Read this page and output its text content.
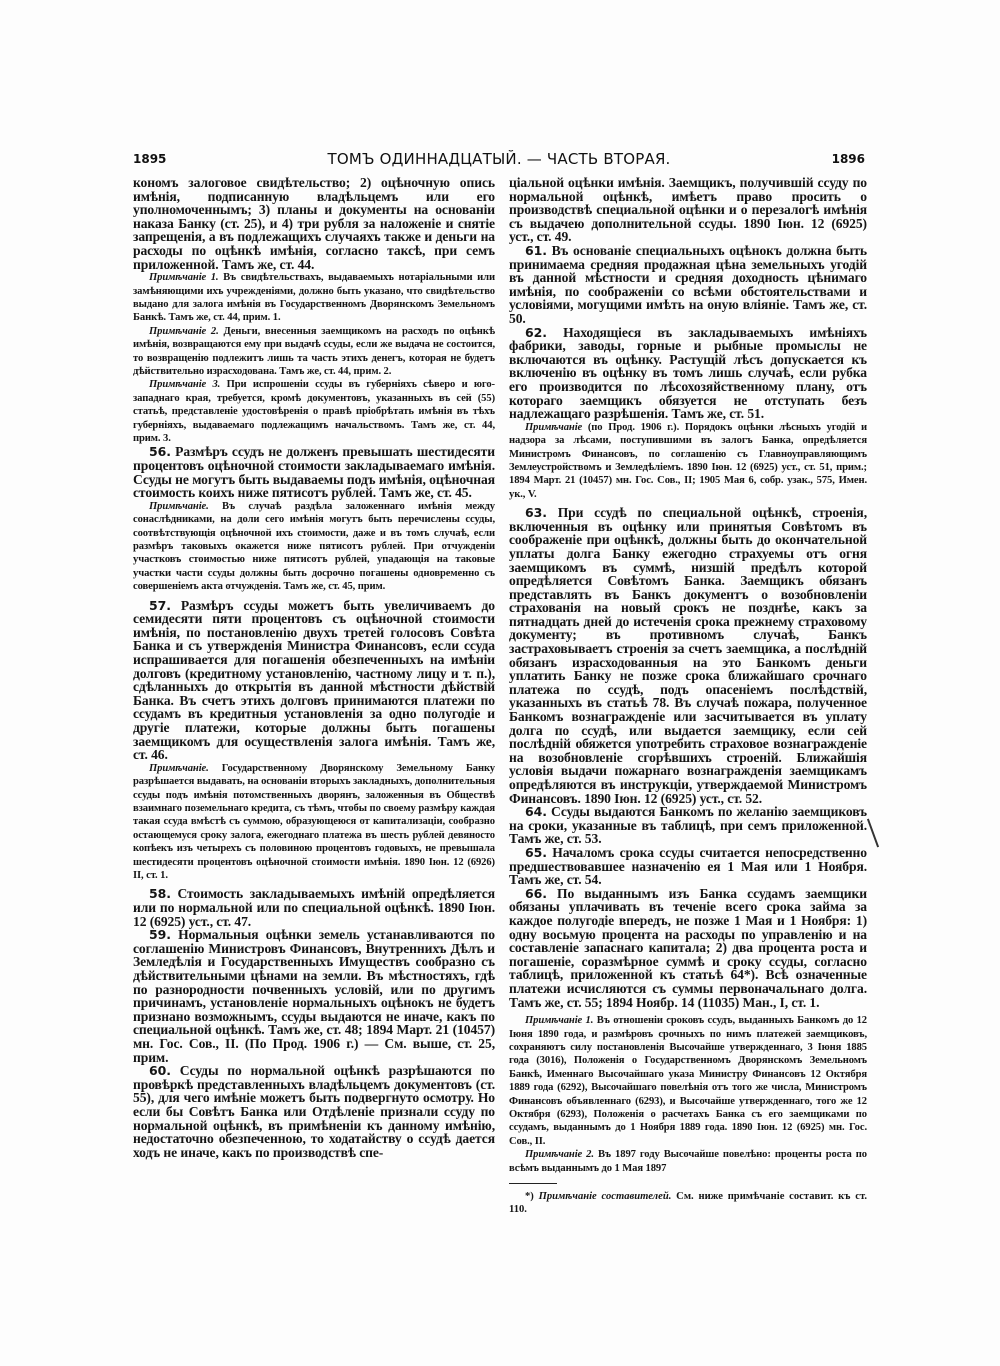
1895	ТОМЪ ОДИННАДЦАТЫЙ. — ЧАСТЬ ВТОРАЯ.	1896

кономъ залоговое свидѣтельство; 2) оцѣночную опись имѣнія, подписанную владѣльцемъ или его уполномоченнымъ; 3) планы и документы на основаніи наказа Банку (ст. 25), и 4) три рубля за наложеніе и снятіе запрещенія, а въ подлежащихъ случаяхъ также и деньги на расходы по оцѣнкѣ имѣнія, согласно таксѣ, при семъ приложенной. Тамъ же, ст. 44.

Примѣчаніе 1. Въ свидѣтельствахъ, выдаваемыхъ нотаріальными или замѣняющими ихъ учрежденіями, должно быть указано, что свидѣтельство выдано для залога имѣнія въ Государственномъ Дворянскомъ Земельномъ Банкѣ. Тамъ же, ст. 44, прим. 1.

Примѣчаніе 2. Деньги, внесенныя заемщикомъ на расходъ по оцѣнкѣ имѣнія, возвращаются ему при выдачѣ ссуды, если же выдача не состоится, то возвращенію подлежитъ лишь та часть этихъ денегъ, которая не будетъ дѣйствительно израсходована. Тамъ же, ст. 44, прим. 2.

Примѣчаніе 3. При испрошеніи ссуды въ губерніяхъ сѣверо и юго-западнаго края, требуется, кромѣ документовъ, указанныхъ въ сей (55) статьѣ, представленіе удостовѣренія о правѣ пріобрѣтать имѣнія въ тѣхъ губерніяхъ, выдаваемаго подлежащимъ начальствомъ. Тамъ же, ст. 44, прим. 3.

56. Размѣръ ссудъ не долженъ превышать шестидесяти процентовъ оцѣночной стоимости закладываемаго имѣнія. Ссуды не могутъ быть выдаваемы подъ имѣнія, оцѣночная стоимость коихъ ниже пятисотъ рублей. Тамъ же, ст. 45.

Примѣчаніе. Въ случаѣ раздѣла заложеннаго имѣнія между сонаслѣдниками, на доли сего имѣнія могутъ быть перечислены ссуды, соотвѣтствующія оцѣночной ихъ стоимости, даже и въ томъ случаѣ, если размѣръ таковыхъ окажется ниже пятисотъ рублей. При отчужденіи участковъ стоимостью ниже пятисотъ рублей, упадающія на таковые участки части ссуды должны быть досрочно погашены одновременно съ совершеніемъ акта отчужденія. Тамъ же, ст. 45, прим.

57. Размѣръ ссуды можетъ быть увеличиваемъ до семидесяти пяти процентовъ съ оцѣночной стоимости имѣнія, по постановленію двухъ третей голосовъ Совѣта Банка и съ утвержденія Министра Финансовъ, если ссуда испрашивается для погашенія обезпеченныхъ на имѣніи долговъ (кредитному установленію, частному лицу и т. п.), сдѣланныхъ до открытія въ данной мѣстности дѣйствій Банка. Въ счетъ этихъ долговъ принимаются платежи по ссудамъ въ кредитныя установленія за одно полугодіе и другіе платежи, которые должны быть погашены заемщикомъ для осуществленія залога имѣнія. Тамъ же, ст. 46.

Примѣчаніе. Государственному Дворянскому Земельному Банку разрѣшается выдавать, на основаніи вторыхъ закладныхъ, дополнительныя ссуды подъ имѣнія потомственныхъ дворянъ, заложенныя въ Обществѣ взаимнаго поземельнаго кредита, съ тѣмъ, чтобы по своему размѣру каждая такая ссуда вмѣстѣ съ суммою, образующеюся от капитализаціи, сообразно остающемуся сроку залога, ежегоднаго платежа въ шесть рублей девяносто копѣекъ изъ четырехъ съ половиною процентовъ годовыхъ, не превышала шестидесяти процентовъ оцѣночной стоимости имѣнія. 1890 Іюн. 12 (6926) II, ст. 1.

58. Стоимость закладываемыхъ имѣній опредѣляется или по нормальной или по специальной оцѣнкѣ. 1890 Іюн. 12 (6925) уст., ст. 47.

59. Нормальныя оцѣнки земель устанавливаются по соглашенію Министровъ Финансовъ, Внутреннихъ Дѣлъ и Земледѣлія и Государственныхъ Имуществъ сообразно съ дѣйствительными цѣнами на земли. Въ мѣстностяхъ, гдѣ по разнородности почвенныхъ условій, или по другимъ причинамъ, установленіе нормальныхъ оцѣнокъ не будетъ признано возможнымъ, ссуды выдаются не иначе, какъ по специальной оцѣнкѣ. Тамъ же, ст. 48; 1894 Март. 21 (10457) мн. Гос. Сов., II. (По Прод. 1906 г.) — См. выше, ст. 25, прим.

60. Ссуды по нормальной оцѣнкѣ разрѣшаются по провѣркѣ представленныхъ владѣльцемъ документовъ (ст. 55), для чего имѣніе можетъ быть подвергнуто осмотру. Но если бы Совѣтъ Банка или Отдѣленіе признали ссуду по нормальной оцѣнкѣ, въ примѣненіи къ данному имѣнію, недостаточно обезпеченною, то ходатайству о ссудѣ дается ходъ не иначе, какъ по производствѣ спе-

ціальной оцѣнки имѣнія. Заемщикъ, получившій ссуду по нормальной оцѣнкѣ, имѣетъ право просить о производствѣ специальной оцѣнки и о перезалогѣ имѣнія съ выдачею дополнительной ссуды. 1890 Іюн. 12 (6925) уст., ст. 49.

61. Въ основаніе специальныхъ оцѣнокъ должна быть принимаема средняя продажная цѣна земельныхъ угодій въ данной мѣстности и средняя доходность цѣнимаго имѣнія, по соображеніи со всѣми обстоятельствами и условіями, могущими имѣть на оную вліяніе. Тамъ же, ст. 50.

62. Находящіеся въ закладываемыхъ имѣніяхъ фабрики, заводы, горные и рыбные промыслы не включаются въ оцѣнку. Растущій лѣсъ допускается къ включенію въ оцѣнку въ томъ лишь случаѣ, если рубка его производится по лѣсохозяйственному плану, отъ котораго заемщикъ обязуется не отступать безъ надлежащаго разрѣшенія. Тамъ же, ст. 51.

Примѣчаніе (по Прод. 1906 г.). Порядокъ оцѣнки лѣсныхъ угодій и надзора за лѣсами, поступившими въ залогъ Банка, опредѣляется Министромъ Финансовъ, по соглашенію съ Главноуправляющимъ Землеустройствомъ и Земледѣліемъ. 1890 Іюн. 12 (6925) уст., ст. 51, прим.; 1894 Март. 21 (10457) мн. Гос. Сов., II; 1905 Мая 6, собр. узак., 575, Имен. ук., V.

63. При ссудѣ по специальной оцѣнкѣ, строенія, включенныя въ оцѣнку или принятыя Совѣтомъ въ соображеніе при оцѣнкѣ, должны быть до окончательной уплаты долга Банку ежегодно страхуемы отъ огня заемщикомъ въ суммѣ, низшій предѣлъ которой опредѣляется Совѣтомъ Банка. Заемщикъ обязанъ представлять въ Банкъ документъ о возобновленіи страхованія на новый срокъ не позднѣе, какъ за пятнадцать дней до истеченія срока прежнему страховому документу; въ противномъ случаѣ, Банкъ застраховываетъ строенія за счетъ заемщика, а послѣдній обязанъ израсходованныя на это Банкомъ деньги уплатить Банку не позже срока ближайшаго срочнаго платежа по ссудѣ, подъ опасеніемъ послѣдствій, указанныхъ въ статьѣ 78. Въ случаѣ пожара, полученное Банкомъ вознагражденіе или засчитывается въ уплату долга по ссудѣ, или выдается заемщику, если сей послѣдній обяжется употребить страховое вознагражденіе на возобновленіе сгорѣвшихъ строеній. Ближайшія условія выдачи пожарнаго вознагражденія заемщикамъ опредѣляются въ инструкціи, утверждаемой Министромъ Финансовъ. 1890 Іюн. 12 (6925) уст., ст. 52.

64. Ссуды выдаются Банкомъ по желанію заемщиковъ на сроки, указанные въ таблицѣ, при семъ приложенной. Тамъ же, ст. 53.

65. Началомъ срока ссуды считается непосредственно предшествовавшее назначенію ея 1 Мая или 1 Ноября. Тамъ же, ст. 54.

66. По выданнымъ изъ Банка ссудамъ заемщики обязаны уплачивать въ теченіе всего срока займа за каждое полугодіе впередъ, не позже 1 Мая и 1 Ноября: 1) одну восьмую процента на расходы по управленію и на составленіе запаснаго капитала; 2) два процента роста и погашеніе, соразмѣрное суммѣ и сроку ссуды, согласно таблицѣ, приложенной къ статьѣ 64*). Всѣ означенные платежи исчисляются съ суммы первоначальнаго долга. Тамъ же, ст. 55; 1894 Ноябр. 14 (11035) Ман., I, ст. 1.

Примѣчаніе 1. Въ отношеніи сроковъ ссудъ, выданныхъ Банкомъ до 12 Іюня 1890 года, и размѣровъ срочныхъ по нимъ платежей заемщиковъ, сохраняютъ силу постановленія Высочайше утвержденнаго, 3 Іюня 1885 года (3016), Положенія о Государственномъ Дворянскомъ Земельномъ Банкѣ, Именнаго Высочайшаго указа Министру Финансовъ 12 Октября 1889 года (6292), Высочайшаго повелѣнія отъ того же числа, Министромъ Финансовъ объявленнаго (6293), и Высочайше утвержденнаго, того же 12 Октября (6293), Положенія о расчетахъ Банка съ его заемщиками по ссудамъ, выданнымъ до 1 Ноября 1889 года. 1890 Іюн. 12 (6925) мн. Гос. Сов., II.

Примѣчаніе 2. Въ 1897 году Высочайше повелѣно: проценты роста по всѣмъ выданнымъ до 1 Мая 1897

*) Примѣчаніе составителей. См. ниже примѣчаніе составит. къ ст. 110.
